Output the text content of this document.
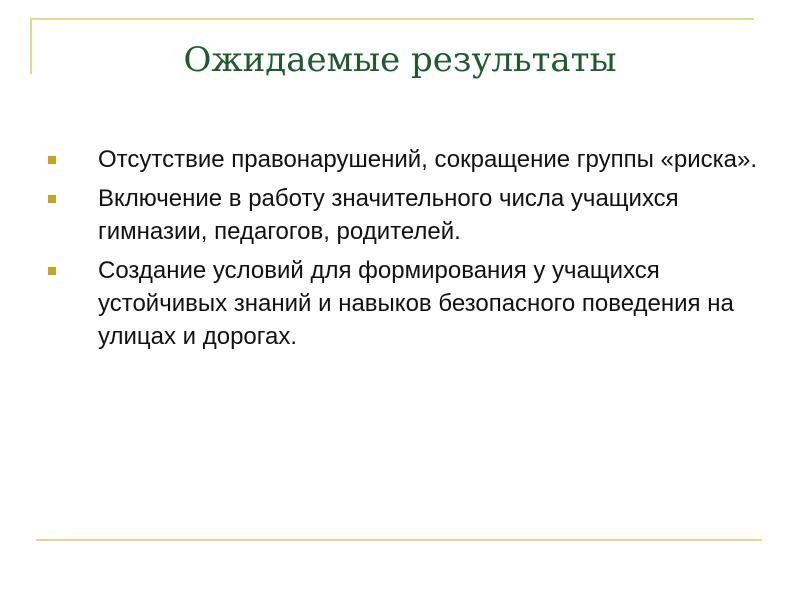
Ожидаемые результаты
Отсутствие правонарушений, сокращение группы «риска».
Включение в работу значительного числа учащихся гимназии, педагогов, родителей.
Создание условий для формирования у учащихся устойчивых знаний и навыков безопасного поведения на улицах и дорогах.
